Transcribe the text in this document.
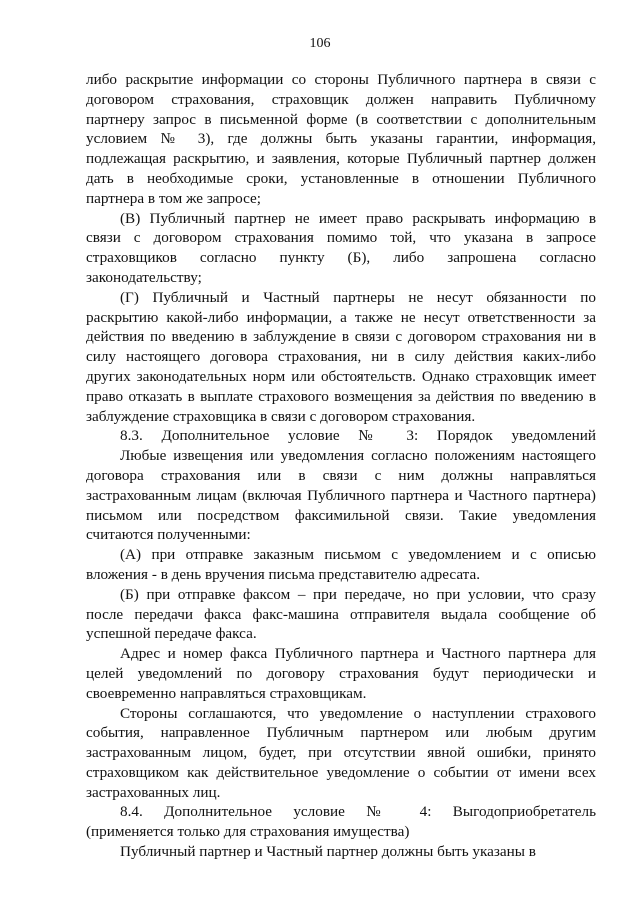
106
либо раскрытие информации со стороны Публичного партнера в связи с
договором страхования, страховщик должен направить Публичному
партнеру запрос в письменной форме (в соответствии с дополнительным
условием № 3), где должны быть указаны гарантии, информация,
подлежащая раскрытию, и заявления, которые Публичный партнер должен
дать в необходимые сроки, установленные в отношении Публичного
партнера в том же запросе;
(В) Публичный партнер не имеет право раскрывать информацию в
связи с договором страхования помимо той, что указана в запросе
страховщиков согласно пункту (Б), либо запрошена согласно
законодательству;
(Г) Публичный и Частный партнеры не несут обязанности по
раскрытию какой-либо информации, а также не несут ответственности за
действия по введению в заблуждение в связи с договором страхования ни в
силу настоящего договора страхования, ни в силу действия каких-либо
других законодательных норм или обстоятельств. Однако страховщик имеет
право отказать в выплате страхового возмещения за действия по введению в
заблуждение страховщика в связи с договором страхования.
8.3. Дополнительное условие № 3: Порядок уведомлений
Любые извещения или уведомления согласно положениям настоящего
договора страхования или в связи с ним должны направляться
застрахованным лицам (включая Публичного партнера и Частного партнера)
письмом или посредством факсимильной связи. Такие уведомления
считаются полученными:
(А) при отправке заказным письмом с уведомлением и с описью
вложения - в день вручения письма представителю адресата.
(Б) при отправке факсом – при передаче, но при условии, что сразу
после передачи факса факс-машина отправителя выдала сообщение об
успешной передаче факса.
Адрес и номер факса Публичного партнера и Частного партнера для
целей уведомлений по договору страхования будут периодически и
своевременно направляться страховщикам.
Стороны соглашаются, что уведомление о наступлении страхового
события, направленное Публичным партнером или любым другим
застрахованным лицом, будет, при отсутствии явной ошибки, принято
страховщиком как действительное уведомление о событии от имени всех
застрахованных лиц.
8.4. Дополнительное условие № 4: Выгодоприобретатель
(применяется только для страхования имущества)
Публичный партнер и Частный партнер должны быть указаны в
